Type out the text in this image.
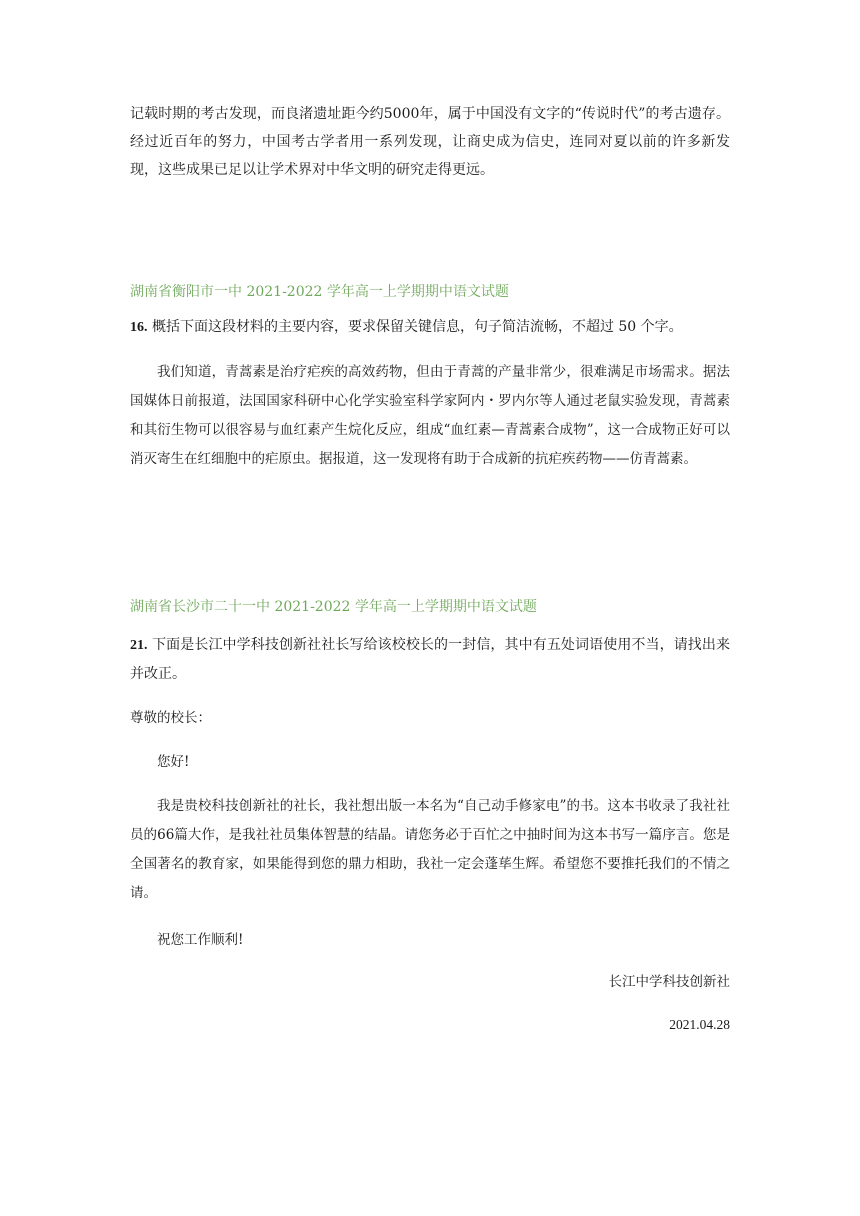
记载时期的考古发现，而良渚遗址距今约5000年，属于中国没有文字的“传说时代”的考古遗存。经过近百年的努力，中国考古学者用一系列发现，让商史成为信史，连同对夏以前的许多新发现，这些成果已足以让学术界对中华文明的研究走得更远。

湖南省衡阳市一中 2021-2022 学年高一上学期期中语文试题

16. 概括下面这段材料的主要内容，要求保留关键信息，句子简洁流畅，不超过 50 个字。

我们知道，青蒿素是治疗疟疾的高效药物，但由于青蒿的产量非常少，很难满足市场需求。据法国媒体日前报道，法国国家科研中心化学实验室科学家阿内・罗内尔等人通过老鼠实验发现，青蒿素和其衍生物可以很容易与血红素产生烷化反应，组成“血红素—青蒿素合成物”，这一合成物正好可以消灭寄生在红细胞中的疟原虫。据报道，这一发现将有助于合成新的抗疟疾药物——仿青蒿素。

湖南省长沙市二十一中 2021-2022 学年高一上学期期中语文试题

21. 下面是长江中学科技创新社社长写给该校校长的一封信，其中有五处词语使用不当，请找出来并改正。

尊敬的校长：

您好!

我是贵校科技创新社的社长，我社想出版一本名为“自己动手修家电”的书。这本书收录了我社社员的66篇大作，是我社社员集体智慧的结晶。请您务必于百忙之中抽时间为这本书写一篇序言。您是全国著名的教育家，如果能得到您的鼎力相助，我社一定会蓬荜生辉。希望您不要推托我们的不情之请。

祝您工作顺利!

长江中学科技创新社

2021.04.28
